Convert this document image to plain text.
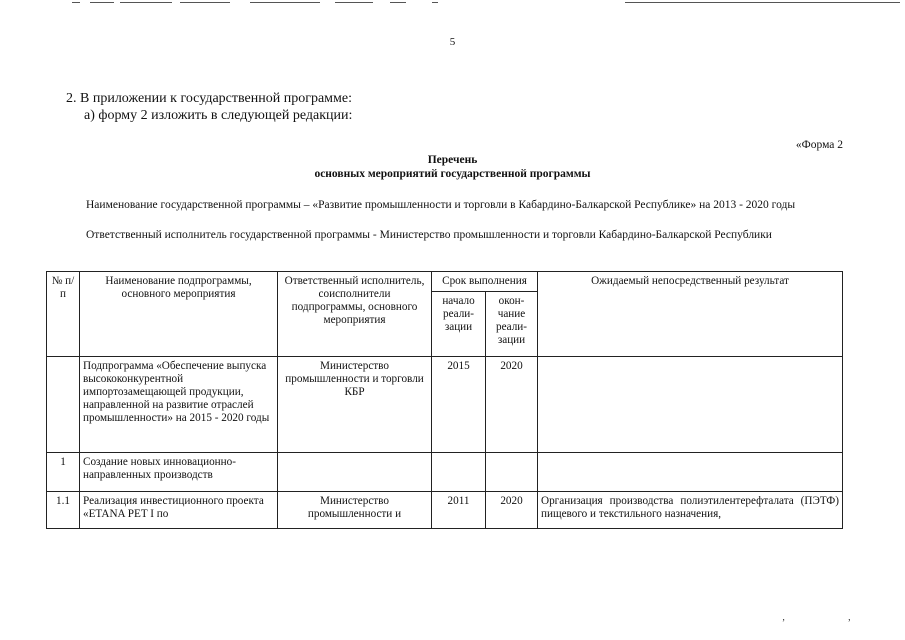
5
2. В приложении к государственной программе:
а) форму 2 изложить в следующей редакции:
«Форма 2
Перечень
основных мероприятий государственной программы
Наименование государственной программы – «Развитие промышленности и торговли в Кабардино-Балкарской Республике» на 2013 - 2020 годы
Ответственный исполнитель государственной программы - Министерство промышленности и торговли Кабардино-Балкарской Республики
№ п/п	Наименование подпрограммы, основного мероприятия	Ответственный исполнитель, соисполнители подпрограммы, основного мероприятия	Срок выполнения		Ожидаемый непосредственный результат
			начало реали-зации	окон-чание реали-зации	
	Подпрограмма «Обеспечение выпуска высококонкурентной импортозамещающей продукции, направленной на развитие отраслей промышленности» на 2015 - 2020 годы	Министерство промышленности и торговли КБР	2015	2020	
1	Создание новых инновационно-направленных производств				
1.1	Реализация инвестиционного проекта «ETANA PET I по	Министерство промышленности и	2011	2020	Организация производства полиэтилентерефталата (ПЭТФ) пищевого и текстильного назначения,
‚ ‚
